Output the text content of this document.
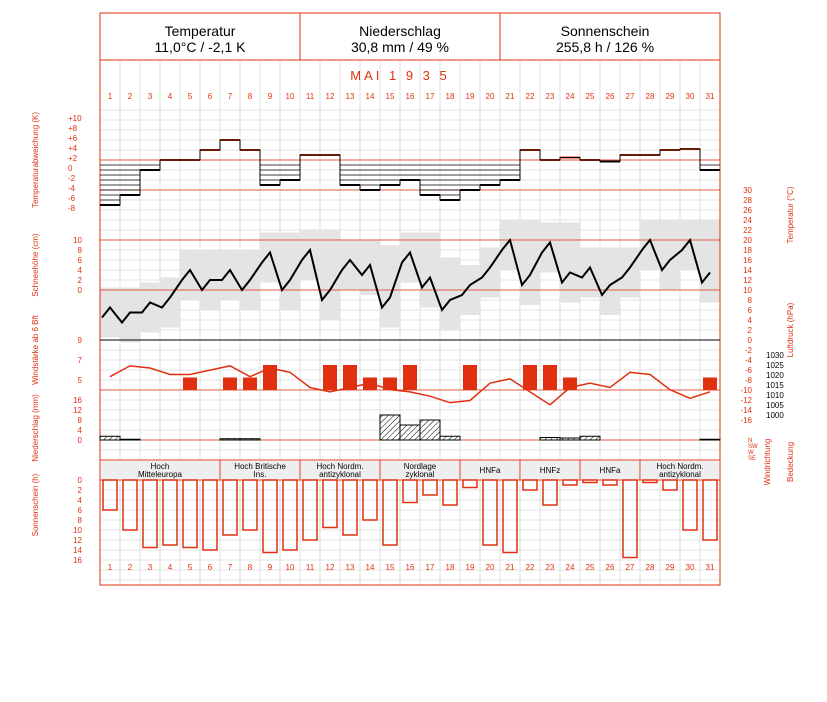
Temperatur
11,0°C / -2,1 K
Niederschlag
30,8 mm / 49 %
Sonnenschein
255,8 h / 126 %
MAI 1 9 3 5
1 2 3 4 5 6 7 8 9 10 11 12 13 14 15 16 17 18 19 20 21 22 23 24 25 26 27 28 29 30 31
1 2 3 4 5 6 7 8 9 10 11 12 13 14 15 16 17 18 19 20 21 22 23 24 25 26 27 28 29 30 31
Hoch
Mitteleuropa
Hoch Britische
Ins.
Hoch Nordm.
antizyklonal
Nordlage
zyklonal	HNFa	HNFz	HNFa	Hoch Nordm.
antizyklonal
+10
+8
+6
+4
+2
0
-2
-4
-6
-8
10
8
6
4
2
0
9
7
5
16
12
8
4
0
0
2
4
6
8
10
12
14
16
30
28
26
24
22
20
18
16
14
12
10
8
6
4
2
0
-2
-4
-6
-8
-10
-12
-14
-16
1030
1025
1020
1015
1010
1005
1000
N
SW
W
SE
Temperaturabweichung (K)
Schneehöhe (cm)
Windstärke ab 6 Bft
Niederschlag (mm)
Sonnenschein (h)
Temperatur (°C)
Luftdruck (hPa)
Windrichtung Bedeckung
